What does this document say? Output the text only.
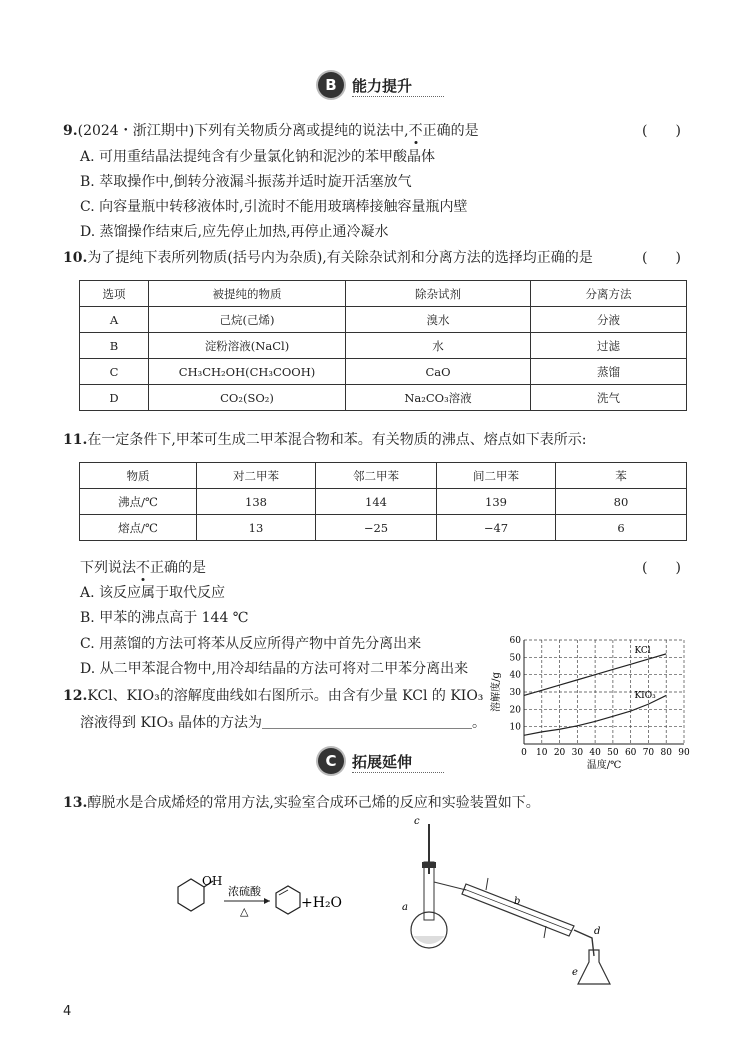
B	能力提升
9.(2024・浙江期中)下列有关物质分离或提纯的说法中,不正确的是	(　　)
A. 可用重结晶法提纯含有少量氯化钠和泥沙的苯甲酸晶体
B. 萃取操作中,倒转分液漏斗振荡并适时旋开活塞放气
C. 向容量瓶中转移液体时,引流时不能用玻璃棒接触容量瓶内壁
D. 蒸馏操作结束后,应先停止加热,再停止通冷凝水
10.为了提纯下表所列物质(括号内为杂质),有关除杂试剂和分离方法的选择均正确的是	(　　)
选项	被提纯的物质	除杂试剂	分离方法
A	己烷(己烯)	溴水	分液
B	淀粉溶液(NaCl)	水	过滤
C	CH₃CH₂OH(CH₃COOH)	CaO	蒸馏
D	CO₂(SO₂)	Na₂CO₃溶液	洗气
11.在一定条件下,甲苯可生成二甲苯混合物和苯。有关物质的沸点、熔点如下表所示:
物质	对二甲苯	邻二甲苯	间二甲苯	苯
沸点/℃	138	144	139	80
熔点/℃	13	−25	−47	6
下列说法不正确的是	(　　)
A. 该反应属于取代反应
B. 甲苯的沸点高于 144 ℃
C. 用蒸馏的方法可将苯从反应所得产物中首先分离出来
D. 从二甲苯混合物中,用冷却结晶的方法可将对二甲苯分离出来
12.KCl、KIO₃的溶解度曲线如右图所示。由含有少量 KCl 的 KIO₃
溶液得到 KIO₃ 晶体的方法为＿＿＿＿＿＿＿＿＿＿＿＿＿＿＿。
0 10 20 30 40 50 60 70 80 90
10
20
30
40
50
60
温度/℃
溶解度/g
KCl
KIO₃
C	拓展延伸
13.醇脱水是合成烯烃的常用方法,实验室合成环己烯的反应和实验装置如下。
OH
浓硫酸
△
+H₂O
c
a
b
d
e
4
